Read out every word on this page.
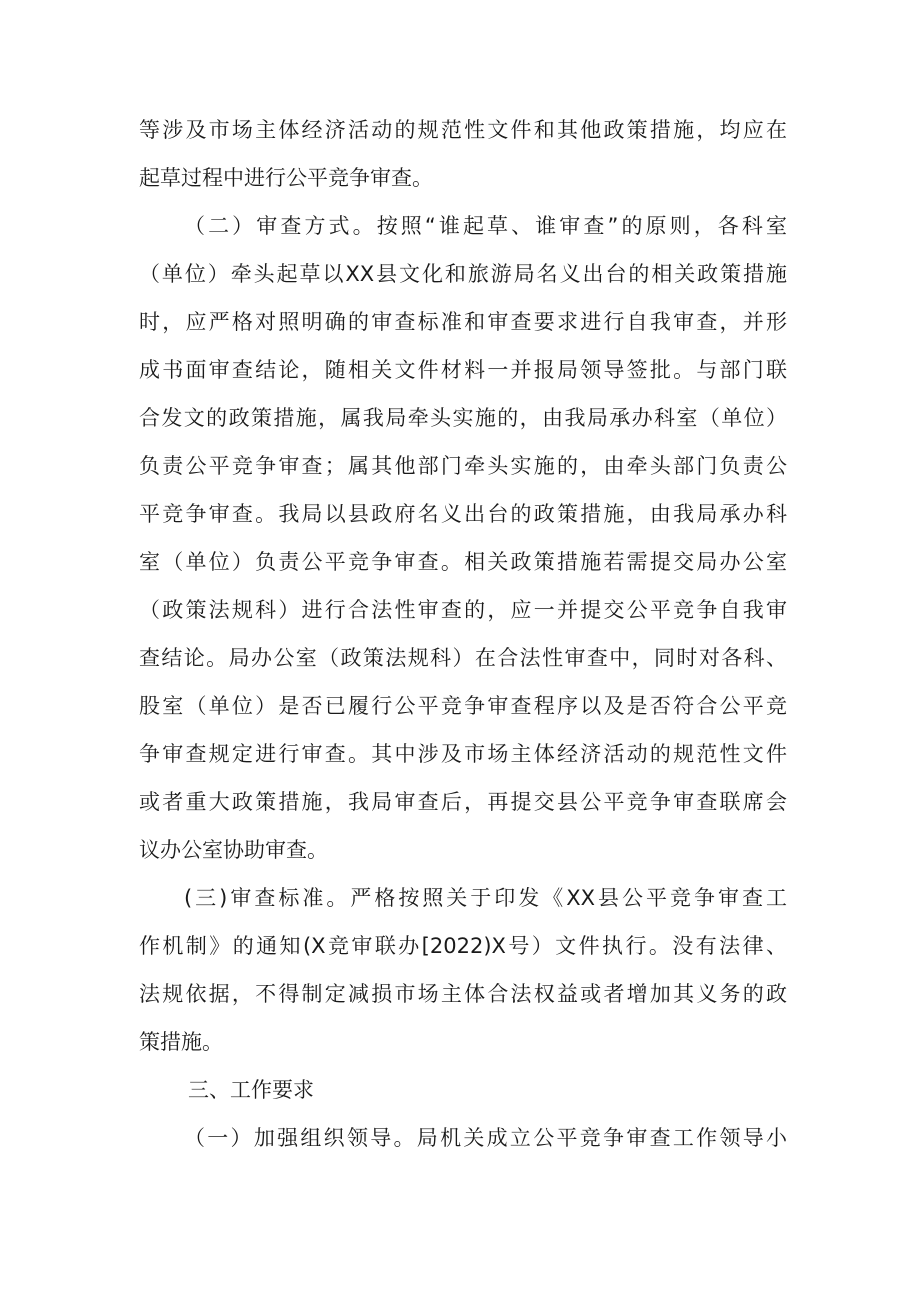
等涉及市场主体经济活动的规范性文件和其他政策措施，均应在
起草过程中进行公平竞争审查。
（二）审查方式。按照“谁起草、谁审查”的原则，各科室
（单位）牵头起草以XX县文化和旅游局名义出台的相关政策措施
时，应严格对照明确的审查标准和审查要求进行自我审查，并形
成书面审查结论，随相关文件材料一并报局领导签批。与部门联
合发文的政策措施，属我局牵头实施的，由我局承办科室（单位）
负责公平竞争审查；属其他部门牵头实施的，由牵头部门负责公
平竞争审查。我局以县政府名义出台的政策措施，由我局承办科
室（单位）负责公平竞争审查。相关政策措施若需提交局办公室
（政策法规科）进行合法性审查的，应一并提交公平竞争自我审
查结论。局办公室（政策法规科）在合法性审查中，同时对各科、
股室（单位）是否已履行公平竞争审查程序以及是否符合公平竞
争审查规定进行审查。其中涉及市场主体经济活动的规范性文件
或者重大政策措施，我局审查后，再提交县公平竞争审查联席会
议办公室协助审查。
(三)审查标准。严格按照关于印发《XX县公平竞争审查工
作机制》的通知(X竞审联办[2022)X号）文件执行。没有法律、
法规依据，不得制定减损市场主体合法权益或者增加其义务的政
策措施。
三、工作要求
（一）加强组织领导。局机关成立公平竞争审查工作领导小
